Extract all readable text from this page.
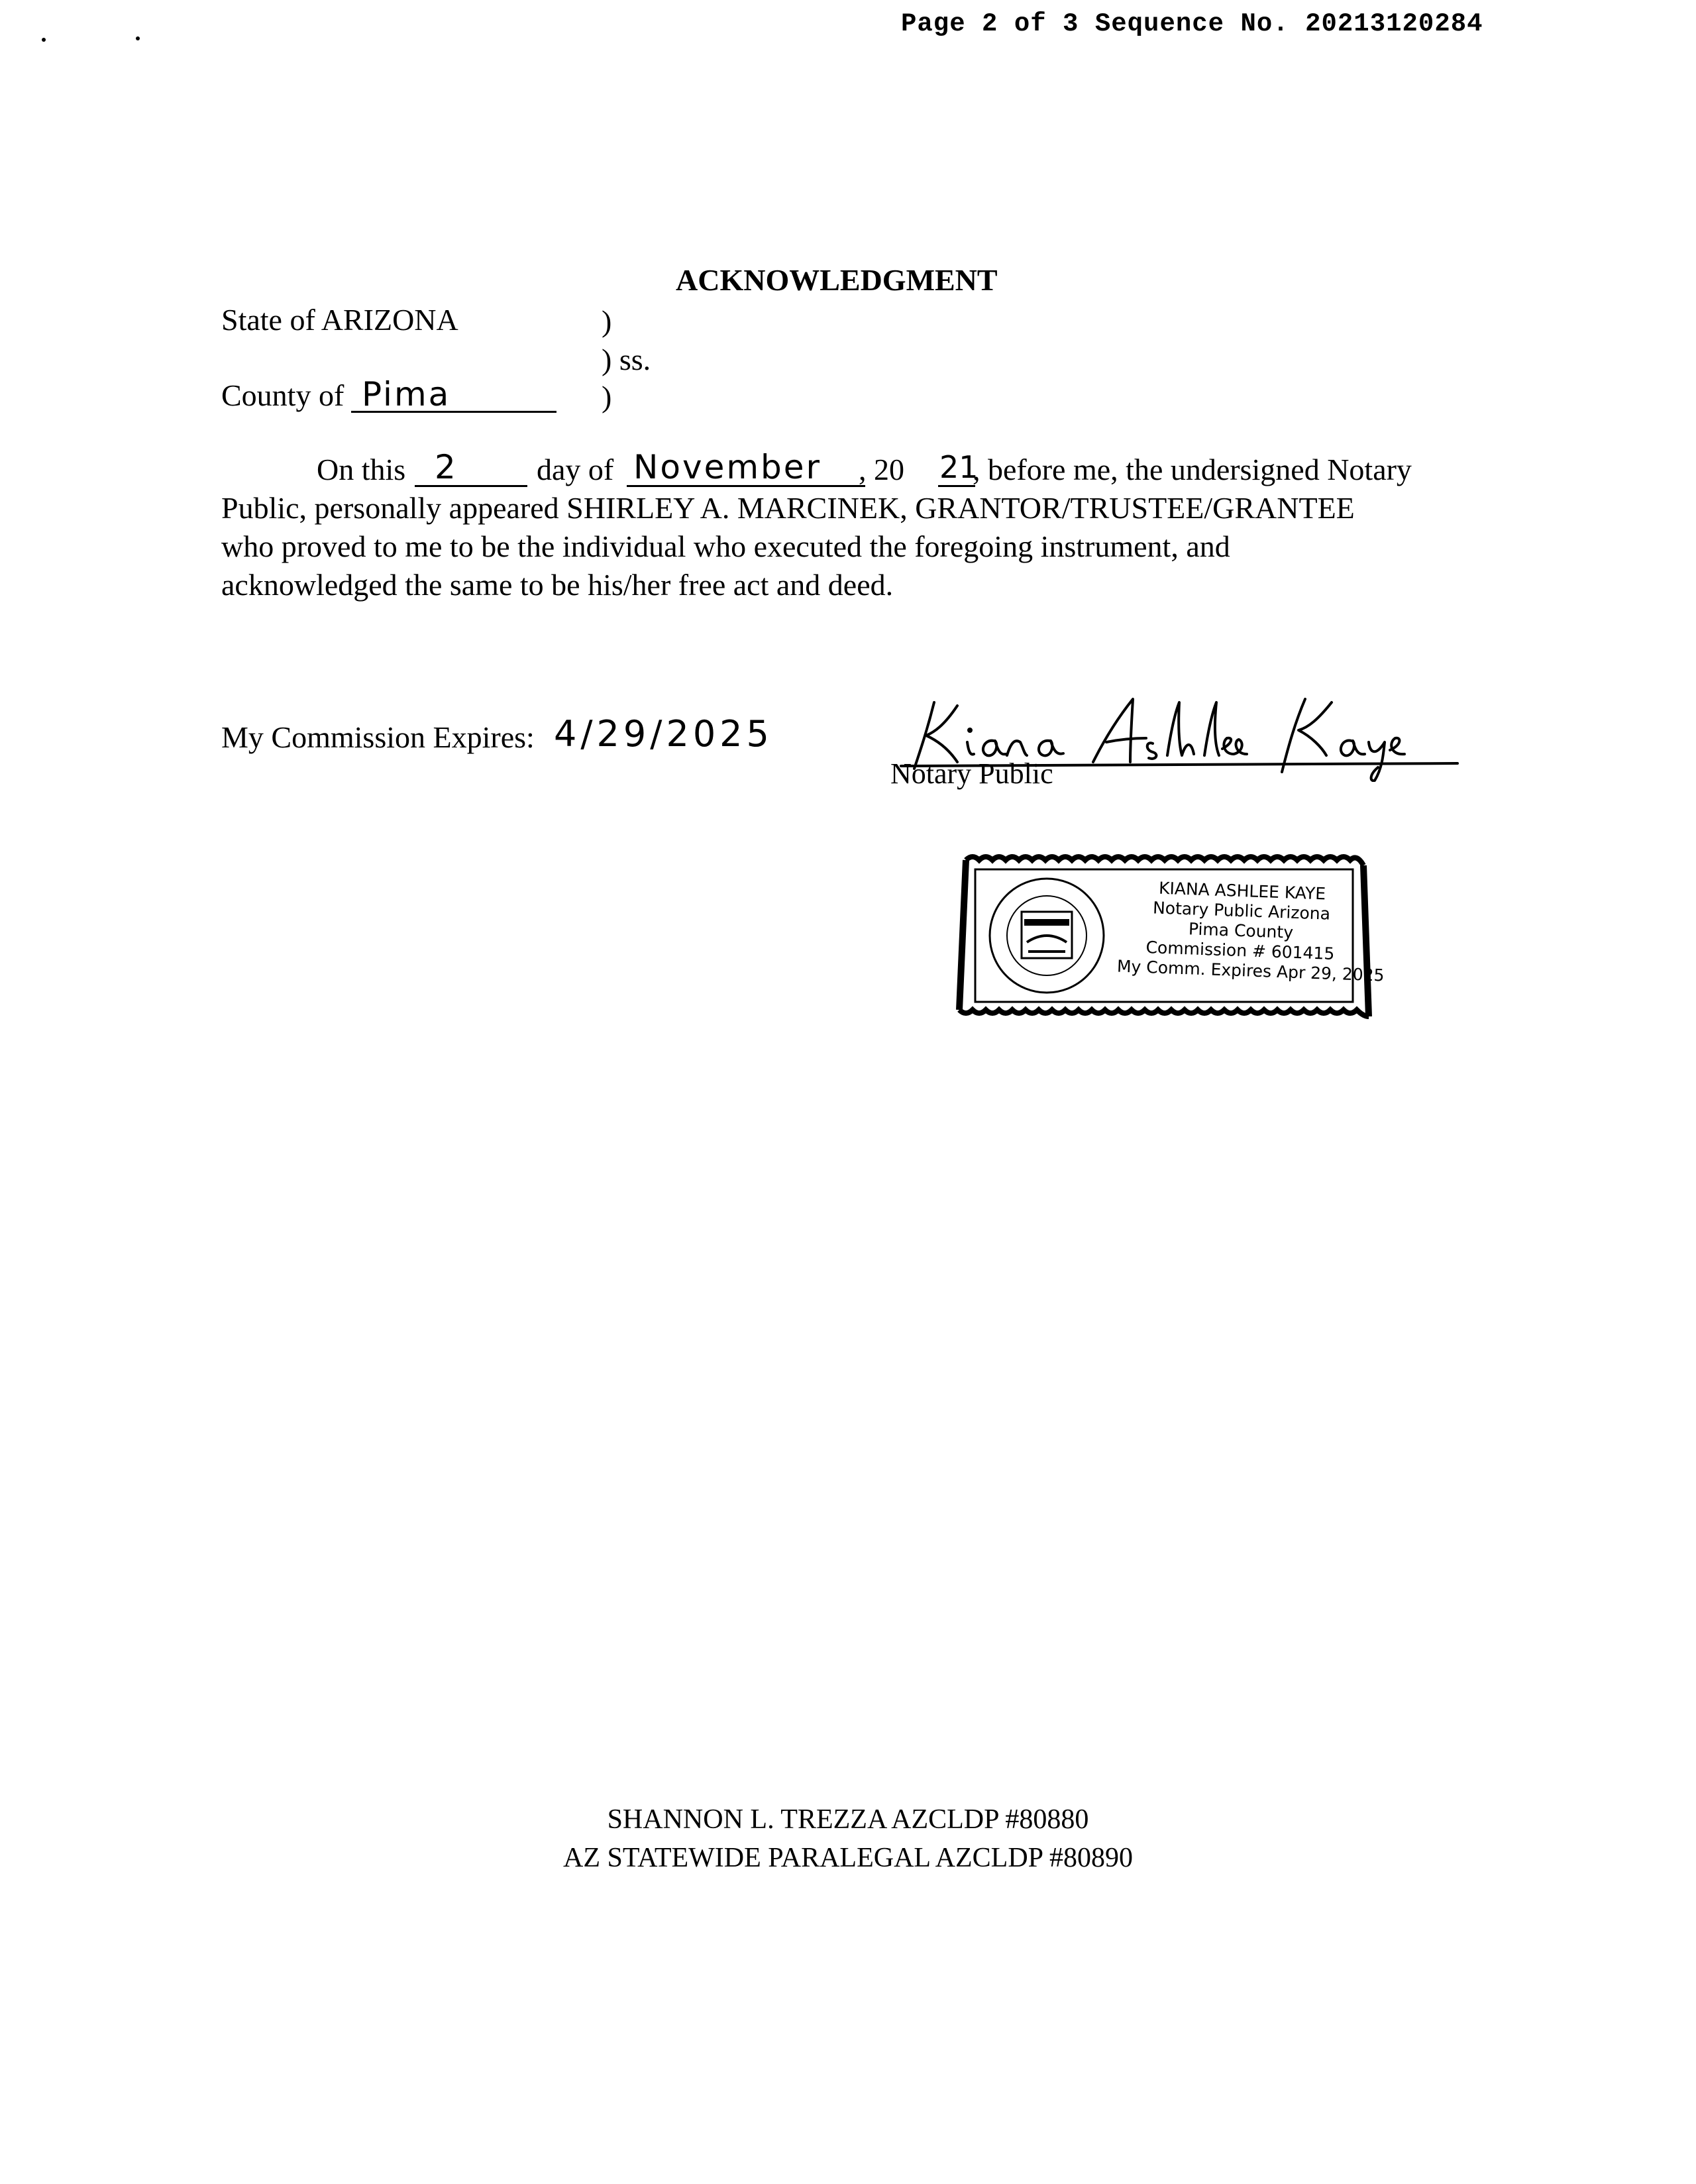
Page 2 of 3 Sequence No. 20213120284
ACKNOWLEDGMENT
State of ARIZONA	)
) ss.
County of Pima	)
On this 2	day of November , 20 21
, before me, the undersigned Notary
Public, personally appeared SHIRLEY A. MARCINEK, GRANTOR/TRUSTEE/GRANTEE
who proved to me to be the individual who executed the foregoing instrument, and
acknowledged the same to be his/her free act and deed.
My Commission Expires: 4/29/2025
Notary Public
KIANA ASHLEE KAYE
Notary Public Arizona
Pima County
Commission # 601415
My Comm. Expires Apr 29, 2025
SHANNON L. TREZZA AZCLDP #80880
AZ STATEWIDE PARALEGAL AZCLDP #80890
